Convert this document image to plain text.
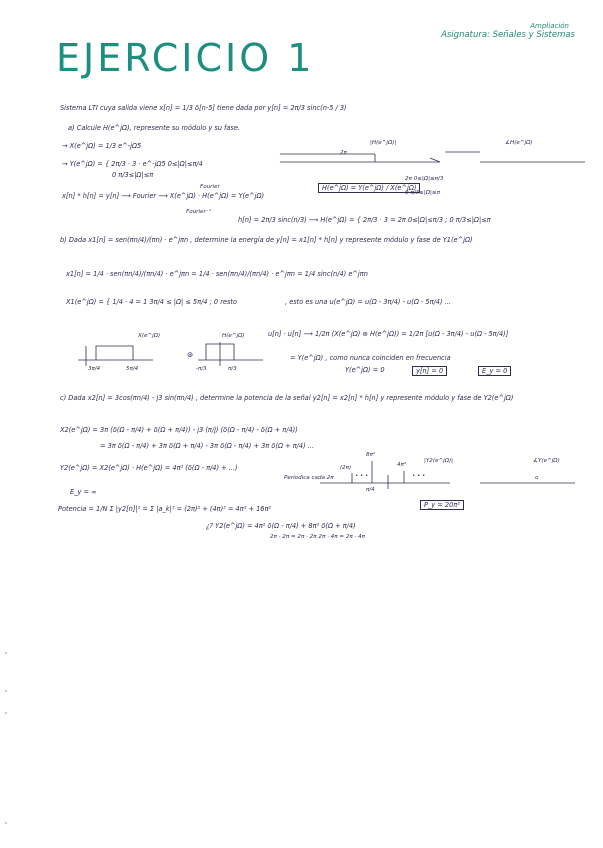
Ampliación
Asignatura: Señales y Sistemas
EJERCICIO 1
Sistema LTI cuya salida viene x[n] = 1/3 δ[n-5] tiene dada por y[n] = 2π/3 sinc(n-5 / 3)
a) Calcule H(e^jΩ), represente su módulo y su fase.
→ X(e^jΩ) = 1/3 e^-jΩ5
→ Y(e^jΩ) = { 2π/3 · 3 · e^-jΩ5 0≤|Ω|≤π/4
0 π/3≤|Ω|≤π
x[n] * h[n] = y[n] ⟶ Fourier ⟶ X(e^jΩ) · H(e^jΩ) = Y(e^jΩ)
H(e^jΩ) = Y(e^jΩ) / X(e^jΩ)
2π 0≤|Ω|≤π/3
0 π/3≤|Ω|≤π
Fourier
Fourier⁻¹
h[n] = 2π/3 sinc(n/3) ⟶ H(e^jΩ) = { 2π/3 · 3 = 2π 0≤|Ω|≤π/3 ; 0 π/3≤|Ω|≤π
|H(e^jΩ)|	∡H(e^jΩ)
2π
b) Dada x1[n] = sen(πn/4)/(πn) · e^jπn , determine la energía de y[n] = x1[n] * h[n] y represente módulo y fase de Y1(e^jΩ)
x1[n] = 1/4 · sen(πn/4)/(πn/4) · e^jπn = 1/4 · sen(πn/4)/(πn/4) · e^jπn = 1/4 sinc(n/4) e^jπn
X1(e^jΩ) = { 1/4 · 4 = 1 3π/4 ≤ |Ω| ≤ 5π/4 ; 0 resto	, esto es una u(e^jΩ) = u(Ω - 3π/4) - u(Ω - 5π/4) ...
u[n] · u[n] ⟶ 1/2π (X(e^jΩ) ⊛ H(e^jΩ)) = 1/2π [u(Ω - 3π/4) - u(Ω - 5π/4)]
= Y(e^jΩ) , como nunca coinciden en frecuencia
Y(e^jΩ) = 0	y[n] = 0	E_y = 0
X(e^jΩ)	H(e^jΩ)
⊛
3π/4	5π/4	-π/3	π/3
c) Dada x2[n] = 3cos(πn/4) - j3 sin(πn/4) , determine la potencia de la señal y2[n] = x2[n] * h[n] y represente módulo y fase de Y2(e^jΩ)
X2(e^jΩ) = 3π (δ(Ω - π/4) + δ(Ω + π/4)) - j3 (π/j) (δ(Ω - π/4) - δ(Ω + π/4))
= 3π δ(Ω - π/4) + 3π δ(Ω + π/4) - 3π δ(Ω - π/4) + 3π δ(Ω + π/4) ...
Y2(e^jΩ) = X2(e^jΩ) · H(e^jΩ) = 4π² (δ(Ω - π/4) + ...)
E_y = ∞
Potencia = 1/N Σ |y2[n]|² = Σ |a_k|² = (2π)² + (4π)² = 4π² + 16π²	P_y = 20π²
¿? Y2(e^jΩ) = 4π² δ(Ω - π/4) + 8π² δ(Ω + π/4)
2π · 2π = 2π · 2π 2π · 4π = 2π · 4π
|Y2(e^jΩ)|	∡Y(e^jΩ)
8π²
4π²
Periodica cada 2π
π/4
(2π)
• • •	• • •	o
